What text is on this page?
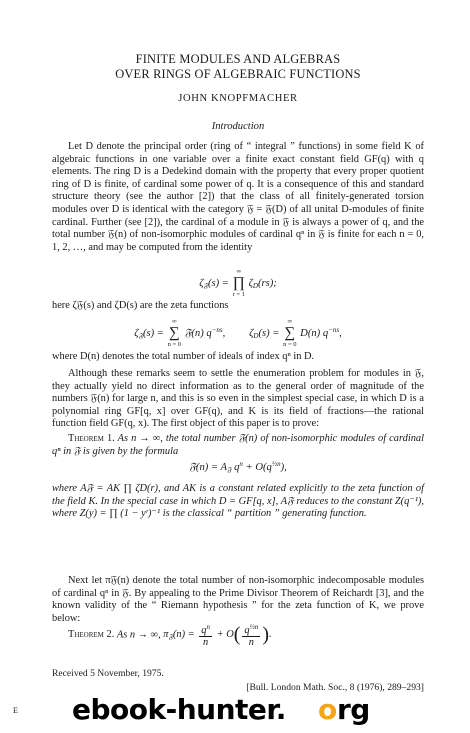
FINITE MODULES AND ALGEBRAS
OVER RINGS OF ALGEBRAIC FUNCTIONS
JOHN KNOPFMACHER
Introduction
Let D denote the principal order (ring of “ integral ” functions) in some field K of algebraic functions in one variable over a finite exact constant field GF(q) with q elements. The ring D is a Dedekind domain with the property that every proper quotient ring of D is finite, of cardinal some power of q. It is a consequence of this and standard structure theory (see the author [2]) that the class of all finitely-generated torsion modules over D is identical with the category 𝔉 = 𝔉(D) of all unital D-modules of finite cardinal. Further (see [2]), the cardinal of a module in 𝔉 is always a power of q, and the total number 𝔉(n) of non-isomorphic modules of cardinal qⁿ in 𝔉 is finite for each n = 0, 1, 2, …, and may be computed from the identity
$\zeta_𝔉(s)$ =
∞
∏
r = 1
$\zeta_D(rs)$;
here ζ𝔉(s) and ζD(s) are the zeta functions
$\zeta_𝔉(s)$ =
∞
∑
n = 0
𝔉(n) $q^{-ns}$,         $\zeta_D(s)$ =
∞
∑
n = 0
D(n) $q^{-ns}$,
where D(n) denotes the total number of ideals of index qⁿ in D.
Although these remarks seem to settle the enumeration problem for modules in 𝔉, they actually yield no direct information as to the general order of magnitude of the numbers 𝔉(n) for large n, and this is so even in the simplest special case, in which D is a polynomial ring GF[q, x] over GF(q), and K is its field of fractions—the rational function field GF(q, x). The first object of this paper is to prove:
Theorem 1. As n → ∞, the total number 𝔉(n) of non-isomorphic modules of cardinal qⁿ in 𝔉 is given by the formula
𝔉(n) = $A_𝔉$ $q^n + O(q^{\frac{1}{2}n})$,
where A𝔉 = AK ∏ ζD(r), and AK is a constant related explicitly to the zeta function of the field K. In the special case in which D = GF[q, x], A𝔉 reduces to the constant Z(q⁻¹), where Z(y) = ∏ (1 − yʳ)⁻¹ is the classical “ partition ” generating function.
Next let π𝔉(n) denote the total number of non-isomorphic indecomposable modules of cardinal qⁿ in 𝔉. By appealing to the Prime Divisor Theorem of Reichardt [3], and the known validity of the “ Riemann hypothesis ” for the zeta function of K, we prove below:
Theorem 2. As n → ∞, $\pi_𝔉(n) = \frac{q^n}{n} + O( \frac{q^{\frac{1}{2}n}}{n}$ ).
Received 5 November, 1975.
[Bull. London Math. Soc., 8 (1976), 289–293]
ebook-hunter. o rg
E
